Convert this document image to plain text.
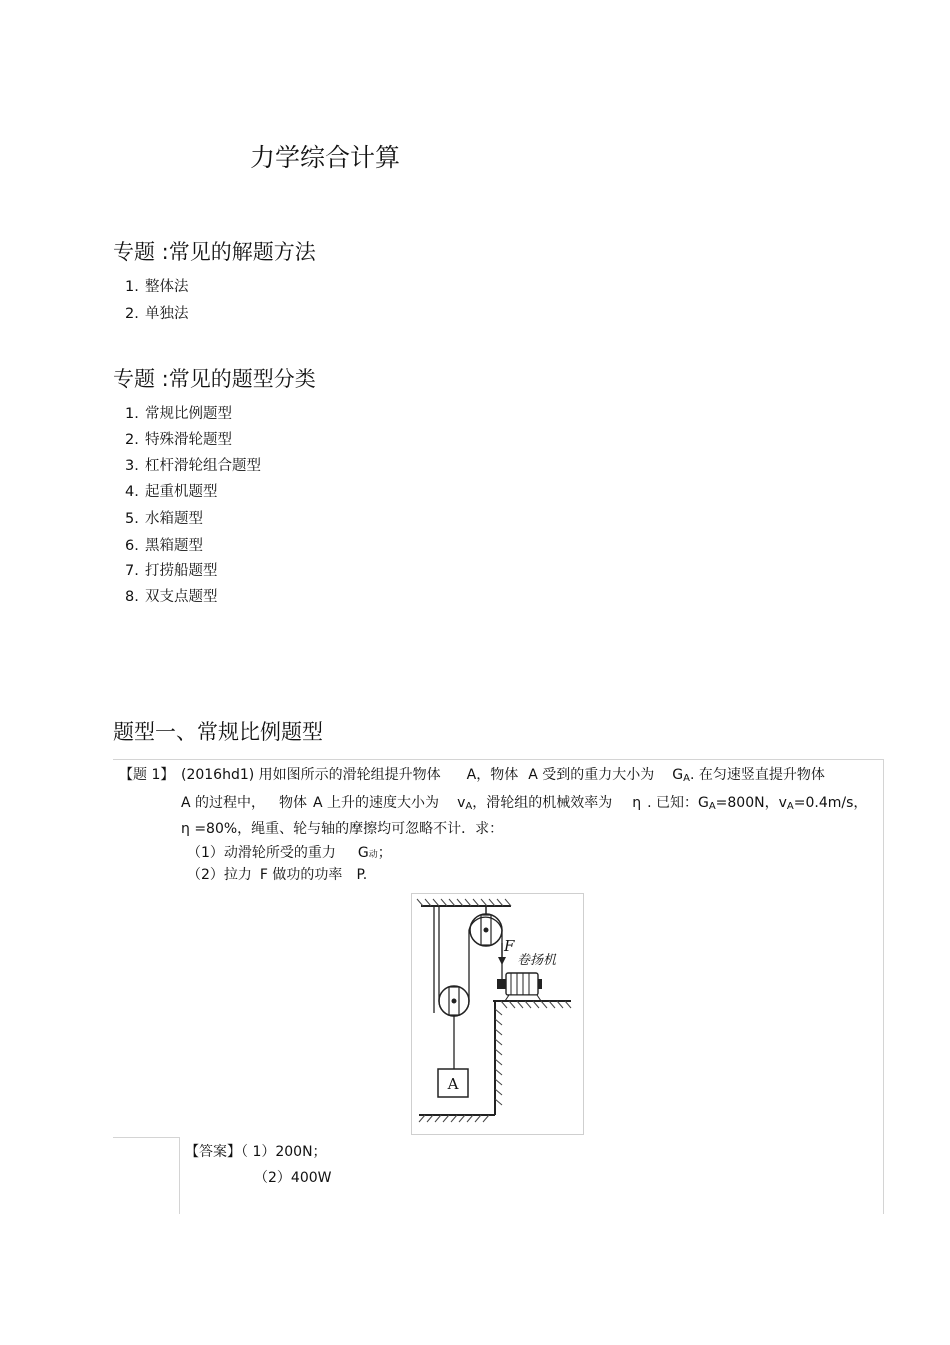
力学综合计算
专题 :常见的解题方法
1. 整体法
2. 单独法
专题 :常见的题型分类
1. 常规比例题型
2. 特殊滑轮题型
3. 杠杆滑轮组合题型
4. 起重机题型
5. 水箱题型
6. 黑箱题型
7. 打捞船题型
8. 双支点题型
题型一、常规比例题型
【题 1】 (2016hd1) 用如图所示的滑轮组提升物体 A，物体 A 受到的重力大小为 $G_A$. 在匀速竖直提升物体
A 的过程中， 物体 A 上升的速度大小为 $v_A$，滑轮组的机械效率为 η . 已知：$G_A=800N$，$v_A=0.4m/s$，
η =80%，绳重、轮与轴的摩擦均可忽略不计．求：
（1）动滑轮所受的重力 G动；
（2）拉力 F 做功的功率 P.
F
卷扬机
A
【答案】（ 1）200N；
（2）400W
